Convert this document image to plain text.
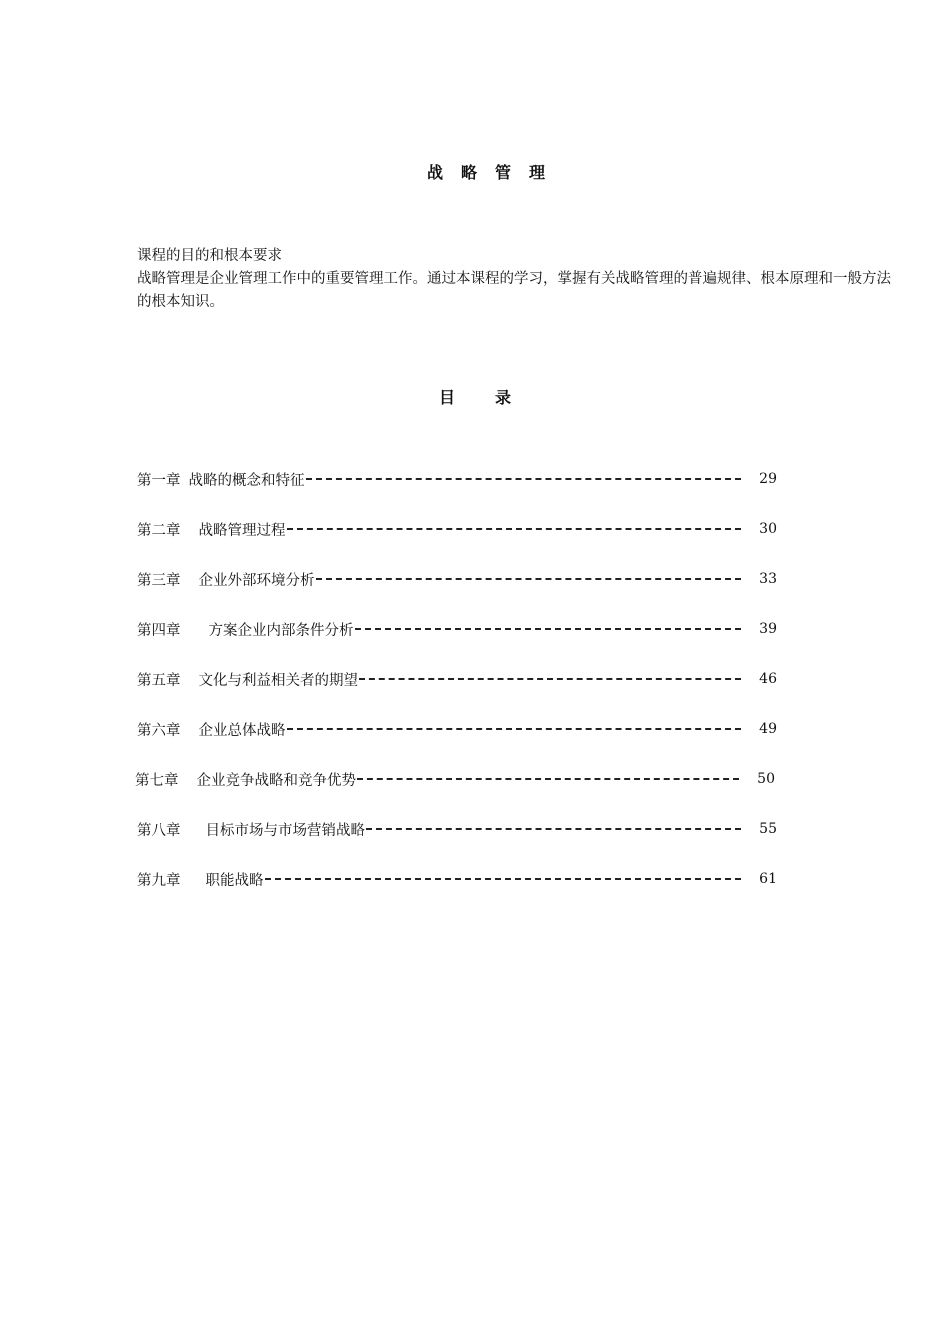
战略管理

课程的目的和根本要求

战略管理是企业管理工作中的重要管理工作。通过本课程的学习，掌握有关战略管理的普遍规律、根本原理和一般方法的根本知识。

目录
第一章 战略的概念和特征	29
第二章 战略管理过程	30
第三章 企业外部环境分析	33
第四章 方案企业内部条件分析	39
第五章 文化与利益相关者的期望	46
第六章 企业总体战略	49
第七章 企业竞争战略和竞争优势	50
第八章 目标市场与市场营销战略	55
第九章 职能战略	61
